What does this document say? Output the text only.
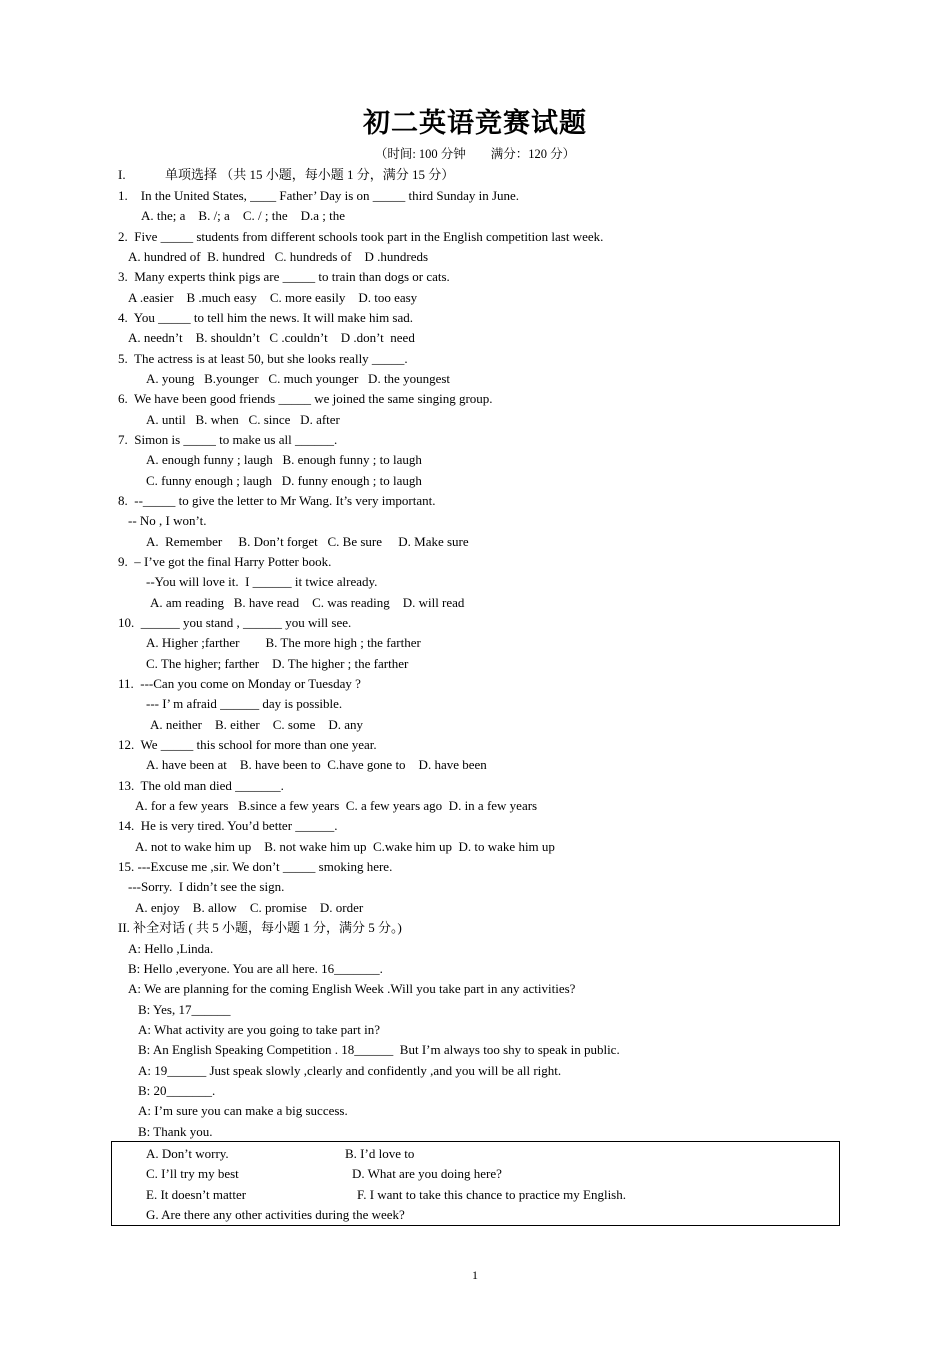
初二英语竞赛试题
（时间: 100 分钟　　满分：120 分）
I.	单项选择 （共 15 小题，每小题 1 分，满分 15 分）
1.　In the United States, ____ Father’ Day is on _____ third Sunday in June.
A. the; a　B. /; a　C. / ; the　D.a ; the
2.  Five _____ students from different schools took part in the English competition last week.
A. hundred of  B. hundred   C. hundreds of    D .hundreds
3.  Many experts think pigs are _____ to train than dogs or cats.
A .easier    B .much easy    C. more easily    D. too easy
4.  You _____ to tell him the news. It will make him sad.
A. needn’t    B. shouldn’t   C .couldn’t    D .don’t  need
5.  The actress is at least 50, but she looks really _____.
A. young   B.younger   C. much younger   D. the youngest
6.  We have been good friends _____ we joined the same singing group.
A. until   B. when   C. since   D. after
7.  Simon is _____ to make us all ______.
A. enough funny ; laugh   B. enough funny ; to laugh
C. funny enough ; laugh   D. funny enough ; to laugh
8.  --_____ to give the letter to Mr Wang. It’s very important.
-- No , I won’t.
A.  Remember     B. Don’t forget   C. Be sure     D. Make sure
9.  – I’ve got the final Harry Potter book.
--You will love it.  I ______ it twice already.
A. am reading   B. have read    C. was reading    D. will read
10.  ______ you stand , ______ you will see.
A. Higher ;farther        B. The more high ; the farther
C. The higher; farther    D. The higher ; the farther
11.  ---Can you come on Monday or Tuesday ?
--- I’ m afraid ______ day is possible.
A. neither    B. either    C. some    D. any
12.  We _____ this school for more than one year.
A. have been at    B. have been to  C.have gone to    D. have been
13.  The old man died _______.
A. for a few years   B.since a few years  C. a few years ago  D. in a few years
14.  He is very tired. You’d better ______.
A. not to wake him up    B. not wake him up  C.wake him up  D. to wake him up
15. ---Excuse me ,sir. We don’t _____ smoking here.
---Sorry.  I didn’t see the sign.
A. enjoy    B. allow    C. promise    D. order
II. 补全对话 ( 共 5 小题，每小题 1 分，满分 5 分。)
A: Hello ,Linda.
B: Hello ,everyone. You are all here. 16_______.
A: We are planning for the coming English Week .Will you take part in any activities?
B: Yes, 17______
A: What activity are you going to take part in?
B: An English Speaking Competition . 18______  But I’m always too shy to speak in public.
A: 19______ Just speak slowly ,clearly and confidently ,and you will be all right.
B: 20_______.
A: I’m sure you can make a big success.
B: Thank you.
A. Don’t worry.	B. I’d love to
C. I’ll try my best	D. What are you doing here?
E. It doesn’t matter	F. I want to take this chance to practice my English.
G. Are there any other activities during the week?
1
